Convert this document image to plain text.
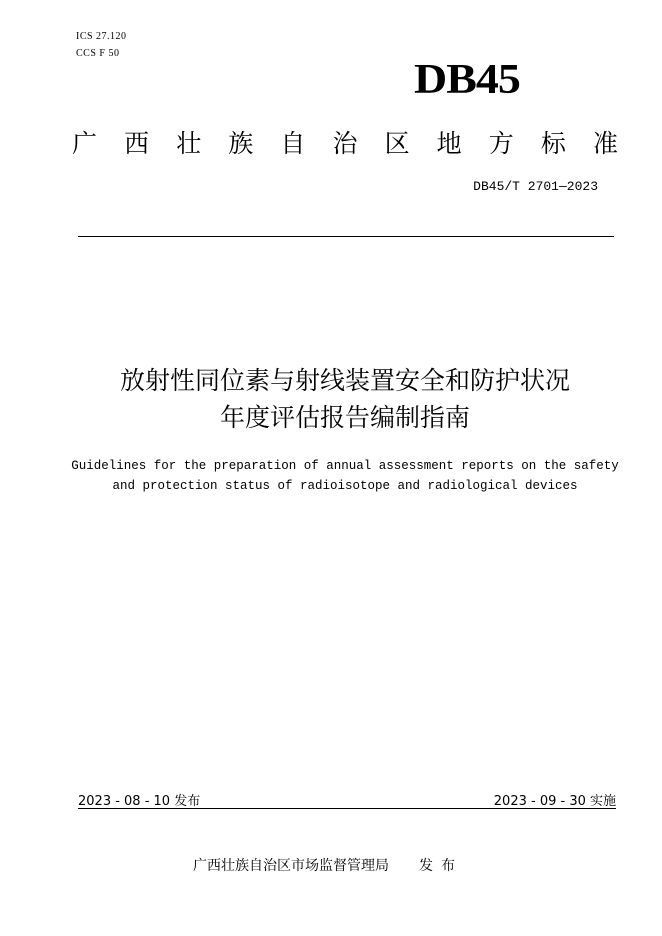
ICS 27.120
CCS F 50
DB45
广 西 壮 族 自 治 区 地 方 标 准
DB45/T 2701—2023
放射性同位素与射线装置安全和防护状况
年度评估报告编制指南
Guidelines for the preparation of annual assessment reports on the safety
and protection status of radioisotope and radiological devices
2023 - 08 - 10 发布	2023 - 09 - 30 实施
广西壮族自治区市场监督管理局 发布
